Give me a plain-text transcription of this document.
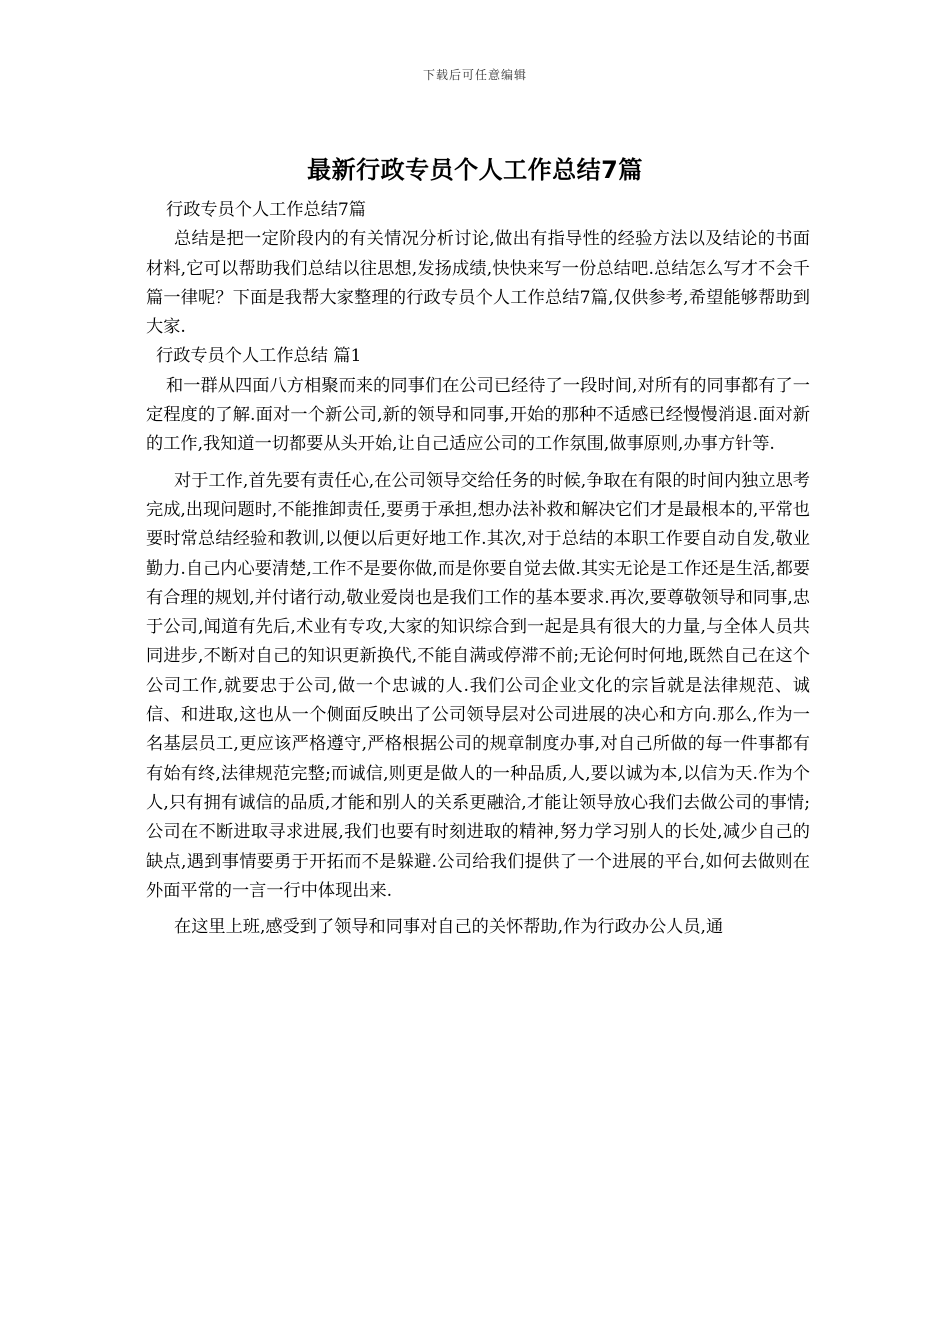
下载后可任意编辑
最新行政专员个人工作总结7篇

行政专员个人工作总结7篇

总结是把一定阶段内的有关情况分析讨论,做出有指导性的经验方法以及结论的书面材料,它可以帮助我们总结以往思想,发扬成绩,快快来写一份总结吧.总结怎么写才不会千篇一律呢？下面是我帮大家整理的行政专员个人工作总结7篇,仅供参考,希望能够帮助到大家.

行政专员个人工作总结 篇1

和一群从四面八方相聚而来的同事们在公司已经待了一段时间,对所有的同事都有了一定程度的了解.面对一个新公司,新的领导和同事,开始的那种不适感已经慢慢消退.面对新的工作,我知道一切都要从头开始,让自己适应公司的工作氛围,做事原则,办事方针等.

对于工作,首先要有责任心,在公司领导交给任务的时候,争取在有限的时间内独立思考完成,出现问题时,不能推卸责任,要勇于承担,想办法补救和解决它们才是最根本的,平常也要时常总结经验和教训,以便以后更好地工作.其次,对于总结的本职工作要自动自发,敬业勤力.自己内心要清楚,工作不是要你做,而是你要自觉去做.其实无论是工作还是生活,都要有合理的规划,并付诸行动,敬业爱岗也是我们工作的基本要求.再次,要尊敬领导和同事,忠于公司,闻道有先后,术业有专攻,大家的知识综合到一起是具有很大的力量,与全体人员共同进步,不断对自己的知识更新换代,不能自满或停滞不前;无论何时何地,既然自己在这个公司工作,就要忠于公司,做一个忠诚的人.我们公司企业文化的宗旨就是法律规范、诚信、和进取,这也从一个侧面反映出了公司领导层对公司进展的决心和方向.那么,作为一名基层员工,更应该严格遵守,严格根据公司的规章制度办事,对自己所做的每一件事都有有始有终,法律规范完整;而诚信,则更是做人的一种品质,人,要以诚为本,以信为天.作为个人,只有拥有诚信的品质,才能和别人的关系更融洽,才能让领导放心我们去做公司的事情;公司在不断进取寻求进展,我们也要有时刻进取的精神,努力学习别人的长处,减少自己的缺点,遇到事情要勇于开拓而不是躲避.公司给我们提供了一个进展的平台,如何去做则在外面平常的一言一行中体现出来.

在这里上班,感受到了领导和同事对自己的关怀帮助,作为行政办公人员,通
